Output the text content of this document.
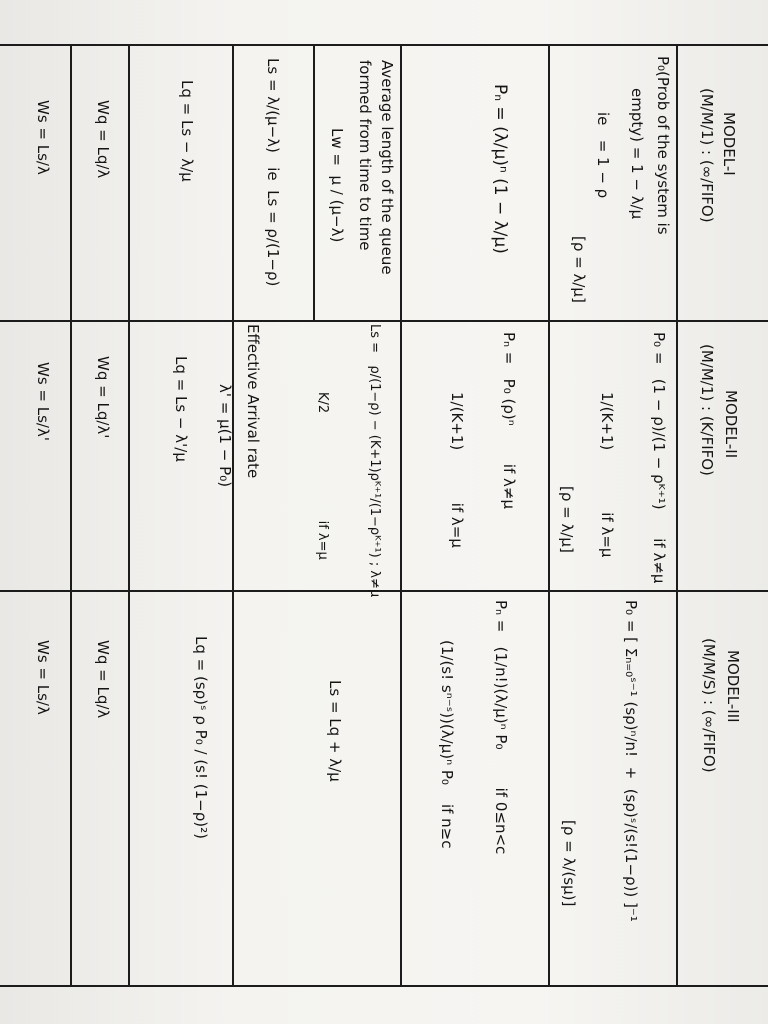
MODEL-I
(M/M/1) : (∞/FIFO)
P₀(Prob of the system is
empty) = 1 − λ/μ
ie   = 1 − ρ
[ρ = λ/μ]
Pₙ = (λ/μ)ⁿ (1 − λ/μ)
Average length of the queue
formed from time to time
Lw =  μ / (μ−λ)
Ls = λ/(μ−λ)   ie  Ls = ρ/(1−ρ)
Lq = Ls − λ/μ
Wq = Lq/λ
Ws = Ls/λ
MODEL-II
(M/M/1) : (K/FIFO)
P₀ =   (1 − ρ)/(1 − ρᴷ⁺¹)      if λ≠μ
1/(K+1)             if λ=μ
[ρ = λ/μ]
Pₙ =   P₀ (ρ)ⁿ        if λ≠μ
1/(K+1)           if λ=μ
Ls =   ρ/(1−ρ) − (K+1)ρᴷ⁺¹/(1−ρᴷ⁺¹) ; λ≠μ
K/2                          if λ=μ
Effective Arrival rate
λ' = μ(1 − P₀)
Lq = Ls − λ'/μ
Wq = Lq/λ'
Ws = Ls/λ'
MODEL-III
(M/M/S) : (∞/FIFO)
P₀ = [ Σₙ₌₀ˢ⁻¹ (sρ)ⁿ/n!  +  (sρ)ˢ/(s!(1−ρ)) ]⁻¹
[ρ = λ/(sμ)]
Pₙ =   (1/n!)(λ/μ)ⁿ P₀        if 0≤n<c
(1/(s! sⁿ⁻ˢ))(λ/μ)ⁿ P₀    if n≥c
Ls = Lq + λ/μ
Lq = (sρ)ˢ ρ P₀ / (s! (1−ρ)²)
Wq = Lq/λ
Ws = Ls/λ
